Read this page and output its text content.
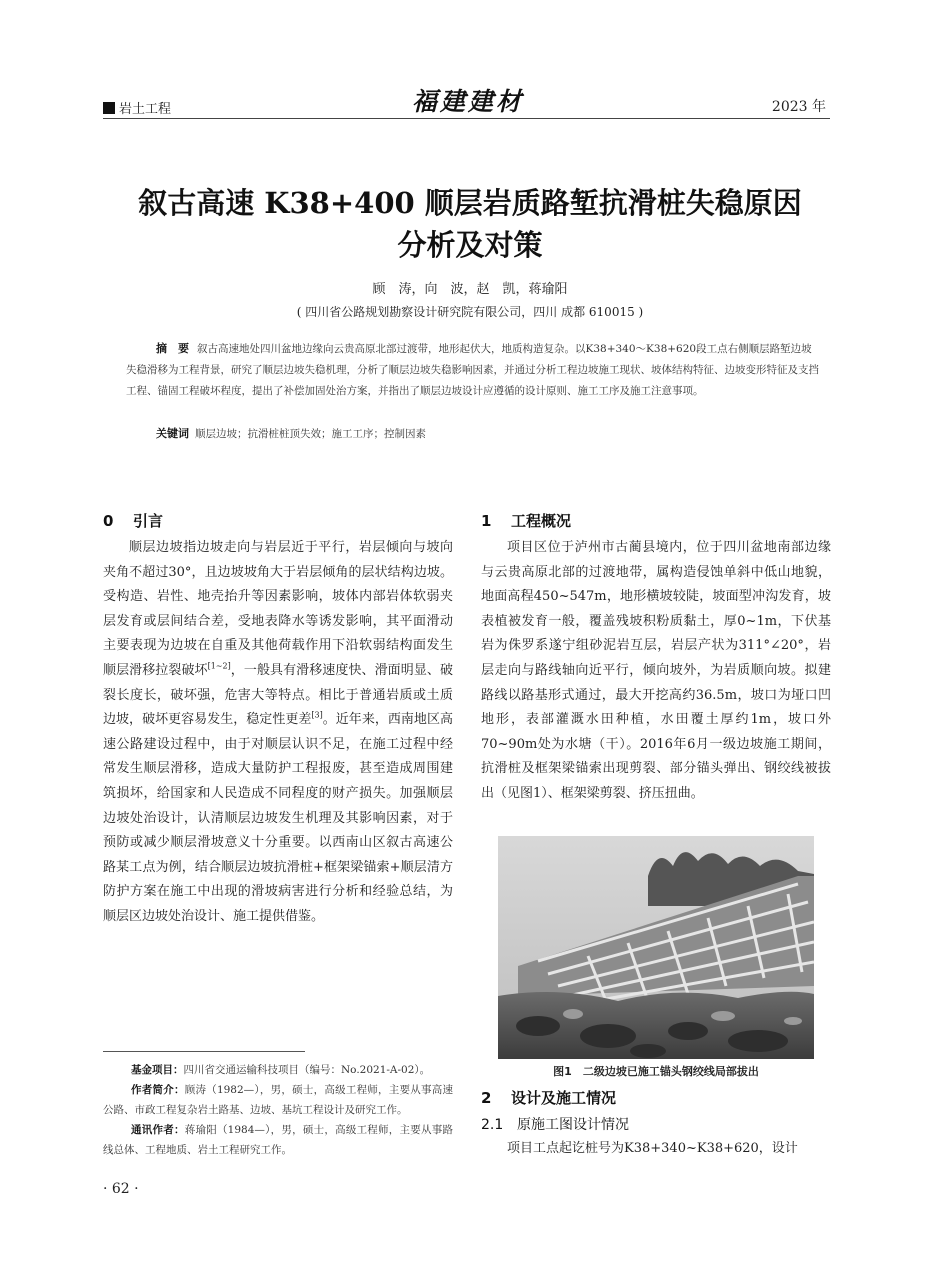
岩土工程	福建建材	2023 年
叙古高速 K38+400 顺层岩质路堑抗滑桩失稳原因
分析及对策
顾　涛，向　波，赵　凯，蒋瑜阳
( 四川省公路规划勘察设计研究院有限公司，四川 成都 610015 )
摘　要 叙古高速地处四川盆地边缘向云贵高原北部过渡带，地形起伏大，地质构造复杂。以K38+340～K38+620段工点右侧顺层路堑边坡失稳滑移为工程背景，研究了顺层边坡失稳机理，分析了顺层边坡失稳影响因素，并通过分析工程边坡施工现状、坡体结构特征、边坡变形特征及支挡工程、锚固工程破坏程度，提出了补偿加固处治方案，并指出了顺层边坡设计应遵循的设计原则、施工工序及施工注意事项。
关键词 顺层边坡；抗滑桩桩顶失效；施工工序；控制因素
0 引言

顺层边坡指边坡走向与岩层近于平行，岩层倾向与坡向夹角不超过30°，且边坡坡角大于岩层倾角的层状结构边坡。受构造、岩性、地壳抬升等因素影响，坡体内部岩体软弱夹层发育或层间结合差，受地表降水等诱发影响，其平面滑动主要表现为边坡在自重及其他荷载作用下沿软弱结构面发生顺层滑移拉裂破坏[1~2]，一般具有滑移速度快、滑面明显、破裂长度长，破坏强，危害大等特点。相比于普通岩质或土质边坡，破坏更容易发生，稳定性更差[3]。近年来，西南地区高速公路建设过程中，由于对顺层认识不足，在施工过程中经常发生顺层滑移，造成大量防护工程报废，甚至造成周围建筑损坏，给国家和人民造成不同程度的财产损失。加强顺层边坡处治设计，认清顺层边坡发生机理及其影响因素，对于预防或减少顺层滑坡意义十分重要。以西南山区叙古高速公路某工点为例，结合顺层边坡抗滑桩+框架梁锚索+顺层清方防护方案在施工中出现的滑坡病害进行分析和经验总结，为顺层区边坡处治设计、施工提供借鉴。

1 工程概况

项目区位于泸州市古蔺县境内，位于四川盆地南部边缘与云贵高原北部的过渡地带，属构造侵蚀单斜中低山地貌，地面高程450~547m，地形横坡较陡，坡面型冲沟发育，坡表植被发育一般，覆盖残坡积粉质黏土，厚0~1m，下伏基岩为侏罗系遂宁组砂泥岩互层，岩层产状为311°∠20°，岩层走向与路线轴向近平行，倾向坡外，为岩质顺向坡。拟建路线以路基形式通过，最大开挖高约36.5m，坡口为垭口凹地形，表部灌溉水田种植，水田覆土厚约1m，坡口外70~90m处为水塘（干）。2016年6月一级边坡施工期间，抗滑桩及框架梁锚索出现剪裂、部分锚头弹出、钢绞线被拔出（见图1）、框架梁剪裂、挤压扭曲。

图1　二级边坡已施工锚头钢绞线局部拔出
2 设计及施工情况
2.1 原施工图设计情况

项目工点起讫桩号为K38+340~K38+620，设计

基金项目：四川省交通运输科技项目（编号：No.2021-A-02）。

作者简介：顾涛（1982—），男，硕士，高级工程师，主要从事高速公路、市政工程复杂岩土路基、边坡、基坑工程设计及研究工作。

通讯作者：蒋瑜阳（1984—），男，硕士，高级工程师，主要从事路线总体、工程地质、岩土工程研究工作。

· 62 ·
